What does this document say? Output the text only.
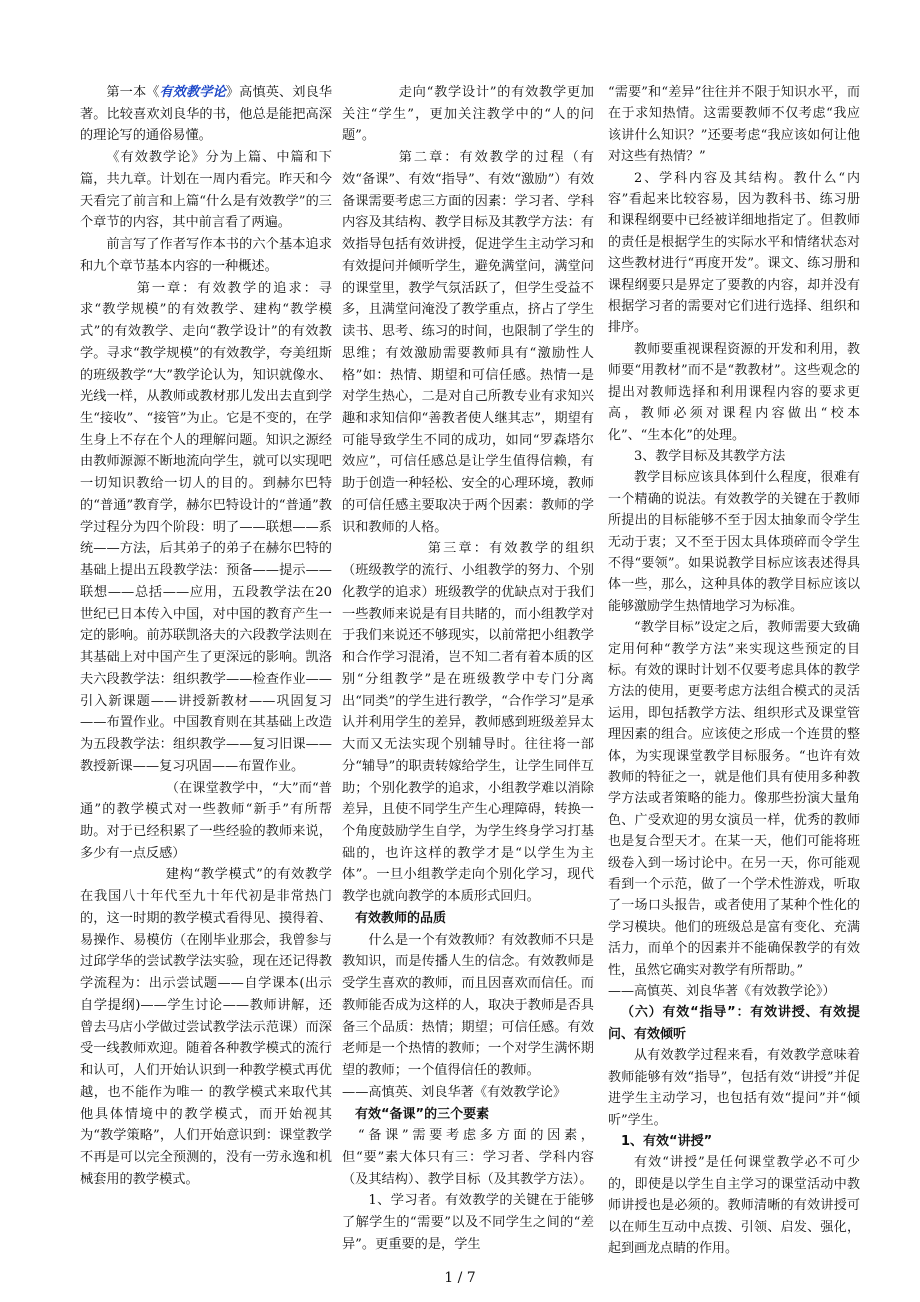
第一本《有效教学论》高慎英、刘良华著。比较喜欢刘良华的书，他总是能把高深的理论写的通俗易懂。

《有效教学论》分为上篇、中篇和下篇，共九章。计划在一周内看完。昨天和今天看完了前言和上篇“什么是有效教学”的三个章节的内容，其中前言看了两遍。

前言写了作者写作本书的六个基本追求和九个章节基本内容的一种概述。

第一章：有效教学的追求：寻求“教学规模”的有效教学、建构“教学模式”的有效教学、走向“教学设计”的有效教学。寻求“教学规模”的有效教学，夸美纽斯的班级教学“大”教学论认为，知识就像水、光线一样，从教师或教材那儿发出去直到学生“接收”、“接管”为止。它是不变的，在学生身上不存在个人的理解问题。知识之源经由教师源源不断地流向学生，就可以实现吧一切知识教给一切人的目的。到赫尔巴特的“普通”教育学，赫尔巴特设计的“普通”教学过程分为四个阶段：明了——联想——系统——方法，后其弟子的弟子在赫尔巴特的基础上提出五段教学法：预备——提示——联想——总括——应用，五段教学法在20世纪已日本传入中国，对中国的教育产生一定的影响。前苏联凯洛夫的六段教学法则在其基础上对中国产生了更深远的影响。凯洛夫六段教学法：组织教学——检查作业——引入新课题——讲授新教材——巩固复习——布置作业。中国教育则在其基础上改造为五段教学法：组织教学——复习旧课——教授新课——复习巩固——布置作业。

（在课堂教学中，“大”而“普通”的教学模式对一些教师“新手”有所帮助。对于已经积累了一些经验的教师来说，多少有一点反感）

建构“教学模式”的有效教学在我国八十年代至九十年代初是非常热门的，这一时期的教学模式看得见、摸得着、易操作、易模仿（在刚毕业那会，我曾参与过邱学华的尝试教学法实验，现在还记得教学流程为：出示尝试题——自学课本(出示自学提纲)——学生讨论——教师讲解，还曾去马店小学做过尝试教学法示范课）而深受一线教师欢迎。随着各种教学模式的流行和认可，人们开始认识到一种教学模式再优越，也不能作为唯一 的教学模式来取代其他具体情境中的教学模式，而开始视其为“教学策略”，人们开始意识到：课堂教学不再是可以完全预测的，没有一劳永逸和机械套用的教学模式。

走向“教学设计”的有效教学更加关注“学生”，更加关注教学中的“人的问题”。

第二章：有效教学的过程（有效“备课”、有效“指导”、有效“激励”）有效备课需要考虑三方面的因素：学习者、学科内容及其结构、教学目标及其教学方法：有效指导包括有效讲授，促进学生主动学习和有效提问并倾听学生，避免满堂问，满堂问的课堂里，教学气氛活跃了，但学生受益不多，且满堂问淹没了教学重点，挤占了学生读书、思考、练习的时间，也限制了学生的思维；有效激励需要教师具有“激励性人格”如：热情、期望和可信任感。热情一是对学生热心，二是对自己所教专业有求知兴趣和求知信仰“善教者使人继其志”，期望有可能导致学生不同的成功，如同“罗森塔尔效应”，可信任感总是让学生值得信赖，有助于创造一种轻松、安全的心理环境，教师的可信任感主要取决于两个因素：教师的学识和教师的人格。

第三章：有效教学的组织（班级教学的流行、小组教学的努力、个别化教学的追求）班级教学的优缺点对于我们一些教师来说是有目共睹的，而小组教学对于我们来说还不够现实，以前常把小组教学和合作学习混淆，岂不知二者有着本质的区别“分组教学”是在班级教学中专门分离出“同类”的学生进行教学，“合作学习”是承认并利用学生的差异，教师感到班级差异太大而又无法实现个别辅导时。往往将一部分“辅导”的职责转嫁给学生，让学生同伴互助；个别化教学的追求，小组教学难以消除差异，且使不同学生产生心理障碍，转换一个角度鼓励学生自学，为学生终身学习打基础的，也许这样的教学才是“以学生为主体”。一旦小组教学走向个别化学习，现代教学也就向教学的本质形式回归。

有效教师的品质

什么是一个有效教师？有效教师不只是教知识，而是传播人生的信念。有效教师是受学生喜欢的教师，而且因喜欢而信任。而教师能否成为这样的人，取决于教师是否具备三个品质：热情；期望；可信任感。有效老师是一个热情的教师；一个对学生满怀期望的教师；一个值得信任的教师。

——高慎英、刘良华著《有效教学论》

有效“备课”的三个要素

“备课”需要考虑多方面的因素，但“要”素大体只有三：学习者、学科内容（及其结构）、教学目标（及其教学方法）。

1、学习者。有效教学的关键在于能够了解学生的“需要”以及不同学生之间的“差异”。更重要的是，学生

“需要”和“差异”往往并不限于知识水平，而在于求知热情。这需要教师不仅考虑“我应该讲什么知识？”还要考虑“我应该如何让他对这些有热情？”

2、学科内容及其结构。教什么“内容”看起来比较容易，因为教科书、练习册和课程纲要中已经被详细地指定了。但教师的责任是根据学生的实际水平和情绪状态对这些教材进行“再度开发”。课文、练习册和课程纲要只是界定了要教的内容，却并没有根据学习者的需要对它们进行选择、组织和排序。

教师要重视课程资源的开发和利用，教师要“用教材”而不是“教教材”。这些观念的提出对教师选择和利用课程内容的要求更高，教师必须对课程内容做出“校本化”、“生本化”的处理。

3、教学目标及其教学方法

教学目标应该具体到什么程度，很难有一个精确的说法。有效教学的关键在于教师所提出的目标能够不至于因太抽象而令学生无动于衷；又不至于因太具体琐碎而令学生不得“要领”。如果说教学目标应该表述得具体一些，那么，这种具体的教学目标应该以能够激励学生热情地学习为标准。

“教学目标”设定之后，教师需要大致确定用何种“教学方法”来实现这些预定的目标。有效的课时计划不仅要考虑具体的教学方法的使用，更要考虑方法组合模式的灵活运用，即包括教学方法、组织形式及课堂管理因素的组合。应该使之形成一个连贯的整体，为实现课堂教学目标服务。“也许有效教师的特征之一，就是他们具有使用多种教学方法或者策略的能力。像那些扮演大量角色、广受欢迎的男女演员一样，优秀的教师也是复合型天才。在某一天，他们可能将班级卷入到一场讨论中。在另一天，你可能观看到一个示范，做了一个学术性游戏，听取了一场口头报告，或者使用了某种个性化的学习模块。他们的班级总是富有变化、充满活力，而单个的因素并不能确保教学的有效性，虽然它确实对教学有所帮助。”

——高慎英、刘良华著《有效教学论》）

（六）有效“指导”：有效讲授、有效提问、有效倾听

从有效教学过程来看，有效教学意味着教师能够有效“指导”，包括有效“讲授”并促进学生主动学习，也包括有效“提问”并“倾听”学生。

1、有效“讲授”

有效“讲授”是任何课堂教学必不可少的，即使是以学生自主学习的课堂活动中教师讲授也是必须的。教师清晰的有效讲授可以在师生互动中点拨、引领、启发、强化，起到画龙点睛的作用。

1 / 7
